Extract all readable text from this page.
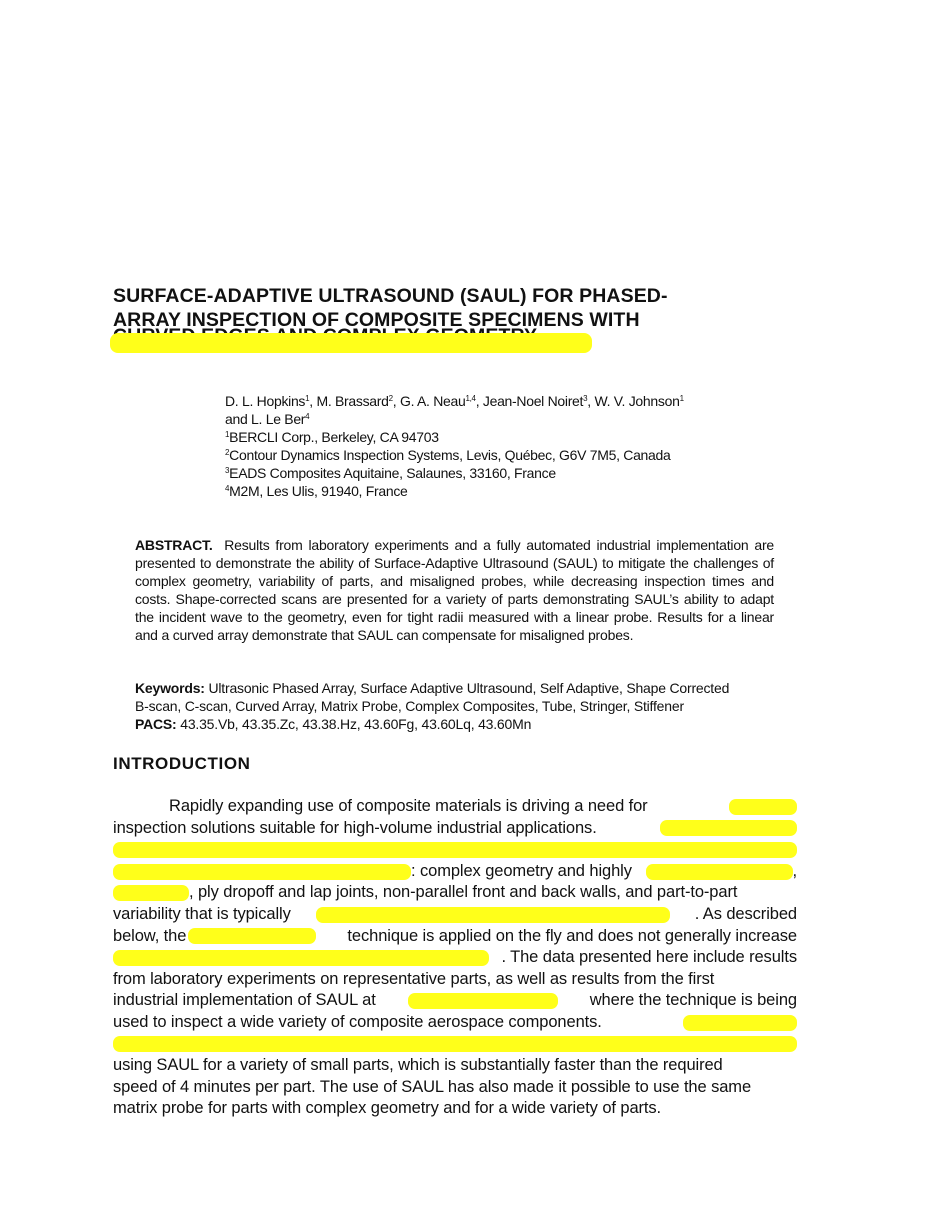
SURFACE-ADAPTIVE ULTRASOUND (SAUL) FOR PHASED-
ARRAY INSPECTION OF COMPOSITE SPECIMENS WITH
D. L. Hopkins$^1$, M. Brassard$^2$, G. A. Neau$^{1,4}$, Jean-Noel Noiret$^3$, W. V. Johnson$^1$
and L. Le Ber$^4$
$^1$BERCLI Corp., Berkeley, CA 94703
$^2$Contour Dynamics Inspection Systems, Levis, Québec, G6V 7M5, Canada
$^3$EADS Composites Aquitaine, Salaunes, 33160, France
$^4$M2M, Les Ulis, 91940, France
ABSTRACT. Results from laboratory experiments and a fully automated industrial implementation are presented to demonstrate the ability of Surface-Adaptive Ultrasound (SAUL) to mitigate the challenges of complex geometry, variability of parts, and misaligned probes, while decreasing inspection times and costs. Shape-corrected scans are presented for a variety of parts demonstrating SAUL’s ability to adapt the incident wave to the geometry, even for tight radii measured with a linear probe. Results for a linear and a curved array demonstrate that SAUL can compensate for misaligned probes.
Keywords: Ultrasonic Phased Array, Surface Adaptive Ultrasound, Self Adaptive, Shape Corrected
B-scan, C-scan, Curved Array, Matrix Probe, Complex Composites, Tube, Stringer, Stiffener
PACS: 43.35.Vb, 43.35.Zc, 43.38.Hz, 43.60Fg, 43.60Lq, 43.60Mn
INTRODUCTION
Rapidly expanding use of composite materials is driving a need for
inspection solutions suitable for high-volume industrial applications.
: complex geometry and highly	,
, ply dropoff and lap joints, non-parallel front and back walls, and part-to-part
variability that is typically	. As described
below, the	technique is applied on the fly and does not generally increase
. The data presented here include results
from laboratory experiments on representative parts, as well as results from the first
industrial implementation of SAUL at	where the technique is being
used to inspect a wide variety of composite aerospace components.
using SAUL for a variety of small parts, which is substantially faster than the required
speed of 4 minutes per part. The use of SAUL has also made it possible to use the same
matrix probe for parts with complex geometry and for a wide variety of parts.
